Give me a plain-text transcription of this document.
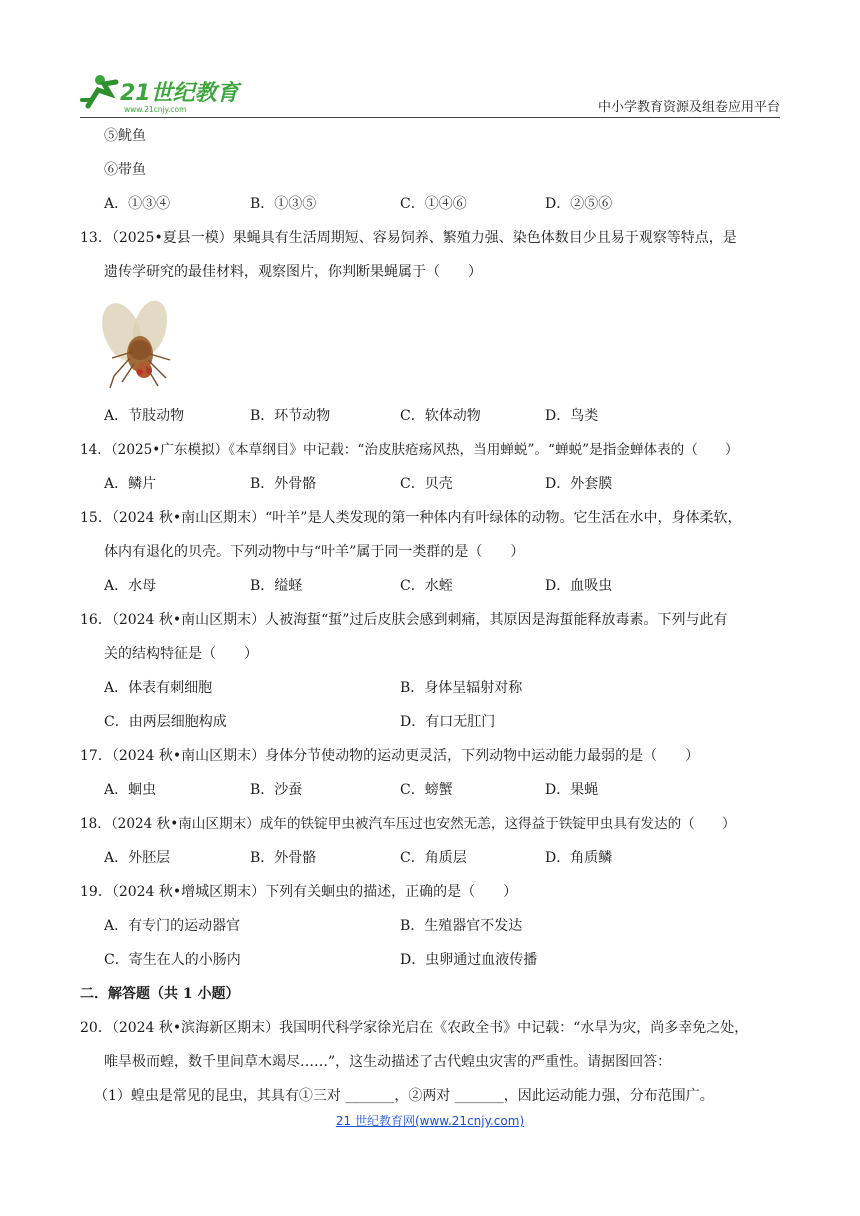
21世纪教育
www.21cnjy.com	中小学教育资源及组卷应用平台
⑤鱿鱼
⑥带鱼
A．①③④	B．①③⑤	C．①④⑥	D．②⑤⑥
13．（2025•夏县一模）果蝇具有生活周期短、容易饲养、繁殖力强、染色体数目少且易于观察等特点，是
遗传学研究的最佳材料，观察图片，你判断果蝇属于（　　）
A．节肢动物	B．环节动物	C．软体动物	D．鸟类
14．（2025•广东模拟）《本草纲目》中记载：“治皮肤疮疡风热，当用蝉蜕”。“蝉蜕”是指金蝉体表的（　　）
A．鳞片	B．外骨骼	C．贝壳	D．外套膜
15．（2024 秋•南山区期末）“叶羊”是人类发现的第一种体内有叶绿体的动物。它生活在水中，身体柔软，
体内有退化的贝壳。下列动物中与“叶羊”属于同一类群的是（　　）
A．水母	B．缢蛏	C．水蛭	D．血吸虫
16．（2024 秋•南山区期末）人被海蜇“蜇”过后皮肤会感到刺痛，其原因是海蜇能释放毒素。下列与此有
关的结构特征是（　　）
A．体表有刺细胞	B．身体呈辐射对称
C．由两层细胞构成	D．有口无肛门
17．（2024 秋•南山区期末）身体分节使动物的运动更灵活，下列动物中运动能力最弱的是（　　）
A．蛔虫	B．沙蚕	C．螃蟹	D．果蝇
18．（2024 秋•南山区期末）成年的铁锭甲虫被汽车压过也安然无恙，这得益于铁锭甲虫具有发达的（　　）
A．外胚层	B．外骨骼	C．角质层	D．角质鳞
19．（2024 秋•增城区期末）下列有关蛔虫的描述，正确的是（　　）
A．有专门的运动器官	B．生殖器官不发达
C．寄生在人的小肠内	D．虫卵通过血液传播
二．解答题（共 1 小题）
20．（2024 秋•滨海新区期末）我国明代科学家徐光启在《农政全书》中记载：“水旱为灾，尚多幸免之处，
唯旱极而蝗，数千里间草木竭尽……”，这生动描述了古代蝗虫灾害的严重性。请据图回答：
（1）蝗虫是常见的昆虫，其具有①三对 _______，②两对 _______，因此运动能力强，分布范围广。
21 世纪教育网(www.21cnjy.com)
